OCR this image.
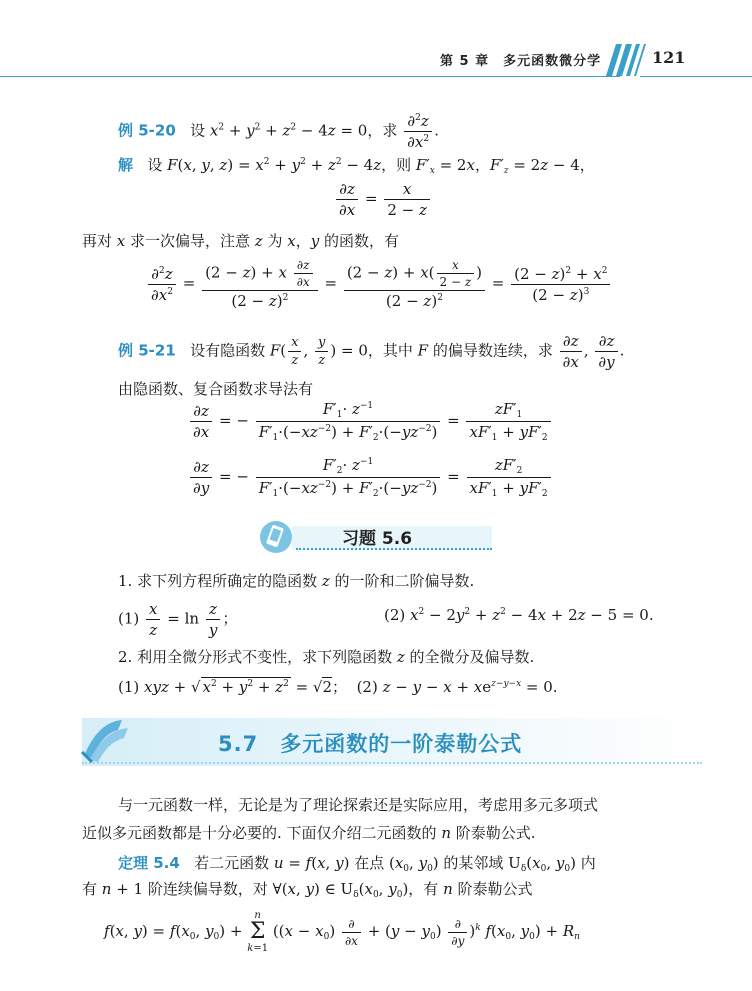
第 5 章　多元函数微分学	121
例 5-20   设 $x^2 + y^2 + z^2 - 4z = 0$，求 $\frac{\partial^2z}{\partial x^2}$ .
解   设 F(x, y, $z) = x^2 + y^2 + z^2 - 4z$，则 $F'_x = 2x$，$F'_z = 2z - 4$，
$\frac{\partial z}{\partial x} = \frac{x}{2 - z}$
再对 x 求一次偏导，注意 z 为 x，y 的函数，有
$\frac{\partial^2z}{\partial x^2} = \frac{(2 - z) + x \frac{\partial z}{\partial x}}{(2 - z)^2} = \frac{(2 - z) + x( \frac{x}{2 - z} )}{(2 - z)^2} = \frac{(2 - z)^2 + x^2}{(2 - z)^3}$
例 5-21   设有隐函数 $F( \frac{x}{z}$ , $\frac{y}{z}$ ) = 0，其中 F 的偏导数连续，求 $\frac{\partial z}{\partial x}$ , $\frac{\partial z}{\partial y}$ .
由隐函数、复合函数求导法有
$\frac{\partial z}{\partial x}$ = − $\frac{F'_1\cdot z^{-1}}{F'_1\cdot(-xz^{-2}) + F'_2\cdot(-yz^{-2})} = \frac{zF'_1}{xF'_1 + yF'_2}$
$\frac{\partial z}{\partial y}$ = − $\frac{F'_2\cdot z^{-1}}{F'_1\cdot(-xz^{-2}) + F'_2\cdot(-yz^{-2})} = \frac{zF'_2}{xF'_1 + yF'_2}$
习题 5.6
1. 求下列方程所确定的隐函数 z 的一阶和二阶偏导数.
$(1) \frac{x}{z} = \ln \frac{z}{y}$ ；	(2) $x^2 - 2y^2 + z^2 - 4x + 2z - 5 = 0$.
2. 利用全微分形式不变性，求下列隐函数 z 的全微分及偏导数.
(1) xyz + √ $x^2 + y^2 + z^2 = √2$；  (2) $z - y - x + xe^{z-y-x} = 0$.
5.7　多元函数的一阶泰勒公式
与一元函数一样，无论是为了理论探索还是实际应用，考虑用多元多项式
近似多元函数都是十分必要的. 下面仅介绍二元函数的 n 阶泰勒公式.
定理 5.4   若二元函数 u = f(x, y) 在点 ($x_0$, $y_0$) 的某邻域 $U_\delta(x_0$, $y_0$) 内
有 n + 1 阶连续偏导数，对 ∀(x, y) ∈ $U_\delta(x_0$, $y_0$)，有 n 阶泰勒公式
f(x, $y) = f(x_0$, $y_0) + n$
Σ
k=1 $((x - x_0) \frac{\partial}{\partial x} + (y - y_0) \frac{\partial}{\partial y} )^k$ $f(x_0$, $y_0) + R_n$
